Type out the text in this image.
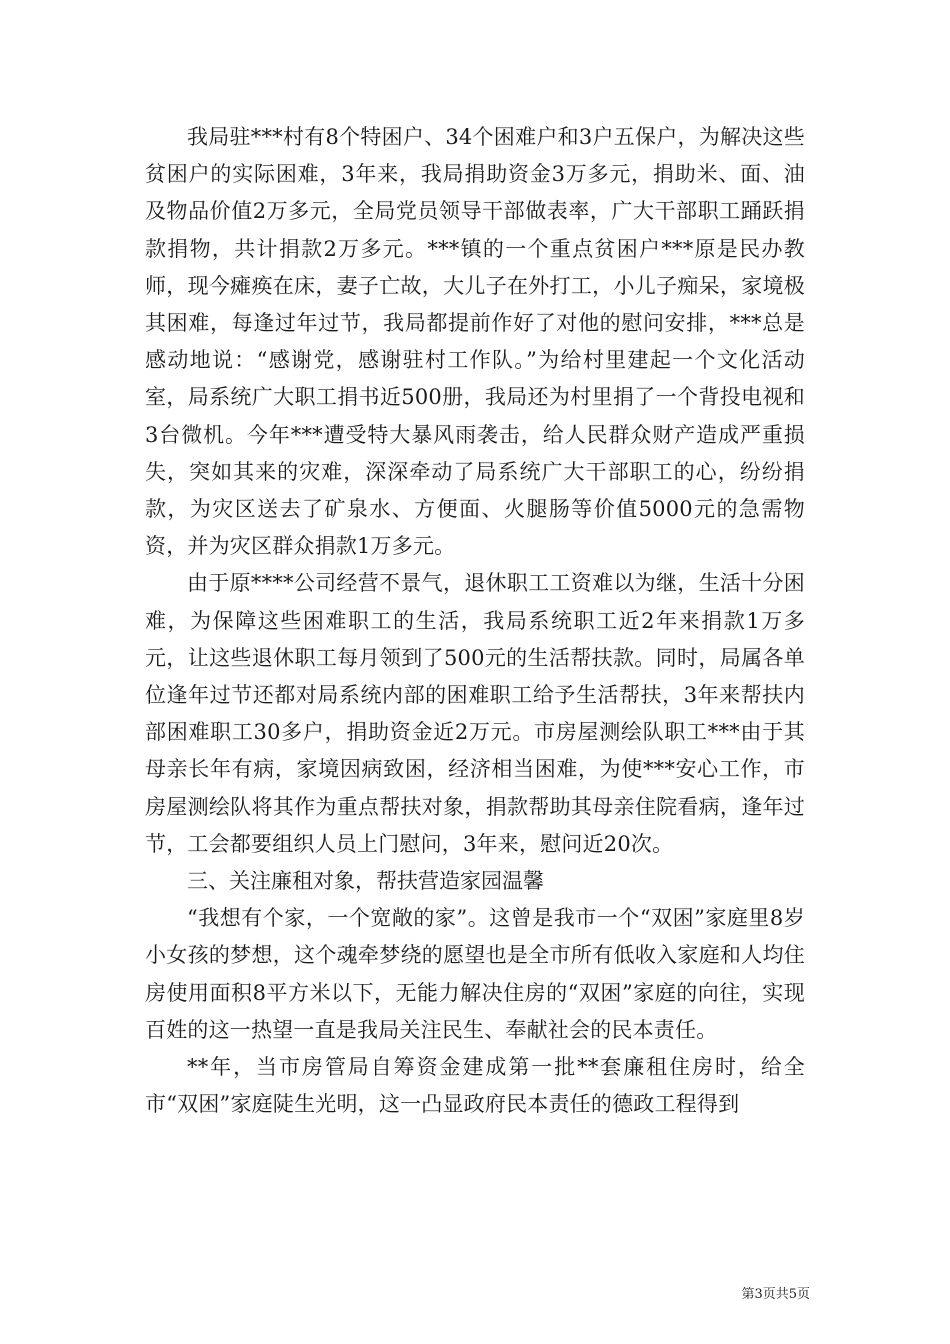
我局驻***村有8个特困户、34个困难户和3户五保户，为解决这些贫困户的实际困难，3年来，我局捐助资金3万多元，捐助米、面、油及物品价值2万多元，全局党员领导干部做表率，广大干部职工踊跃捐款捐物，共计捐款2万多元。***镇的一个重点贫困户***原是民办教师，现今瘫痪在床，妻子亡故，大儿子在外打工，小儿子痴呆，家境极其困难，每逢过年过节，我局都提前作好了对他的慰问安排，***总是感动地说：“感谢党，感谢驻村工作队。”为给村里建起一个文化活动室，局系统广大职工捐书近500册，我局还为村里捐了一个背投电视和3台微机。今年***遭受特大暴风雨袭击，给人民群众财产造成严重损失，突如其来的灾难，深深牵动了局系统广大干部职工的心，纷纷捐款，为灾区送去了矿泉水、方便面、火腿肠等价值5000元的急需物资，并为灾区群众捐款1万多元。

由于原****公司经营不景气，退休职工工资难以为继，生活十分困难，为保障这些困难职工的生活，我局系统职工近2年来捐款1万多元，让这些退休职工每月领到了500元的生活帮扶款。同时，局属各单位逢年过节还都对局系统内部的困难职工给予生活帮扶，3年来帮扶内部困难职工30多户，捐助资金近2万元。市房屋测绘队职工***由于其母亲长年有病，家境因病致困，经济相当困难，为使***安心工作，市房屋测绘队将其作为重点帮扶对象，捐款帮助其母亲住院看病，逢年过节，工会都要组织人员上门慰问，3年来，慰问近20次。

三、关注廉租对象，帮扶营造家园温馨

“我想有个家，一个宽敞的家”。这曾是我市一个“双困”家庭里8岁小女孩的梦想，这个魂牵梦绕的愿望也是全市所有低收入家庭和人均住房使用面积8平方米以下，无能力解决住房的“双困”家庭的向往，实现百姓的这一热望一直是我局关注民生、奉献社会的民本责任。

**年，当市房管局自筹资金建成第一批**套廉租住房时，给全市“双困”家庭陡生光明，这一凸显政府民本责任的德政工程得到

第3页共5页
